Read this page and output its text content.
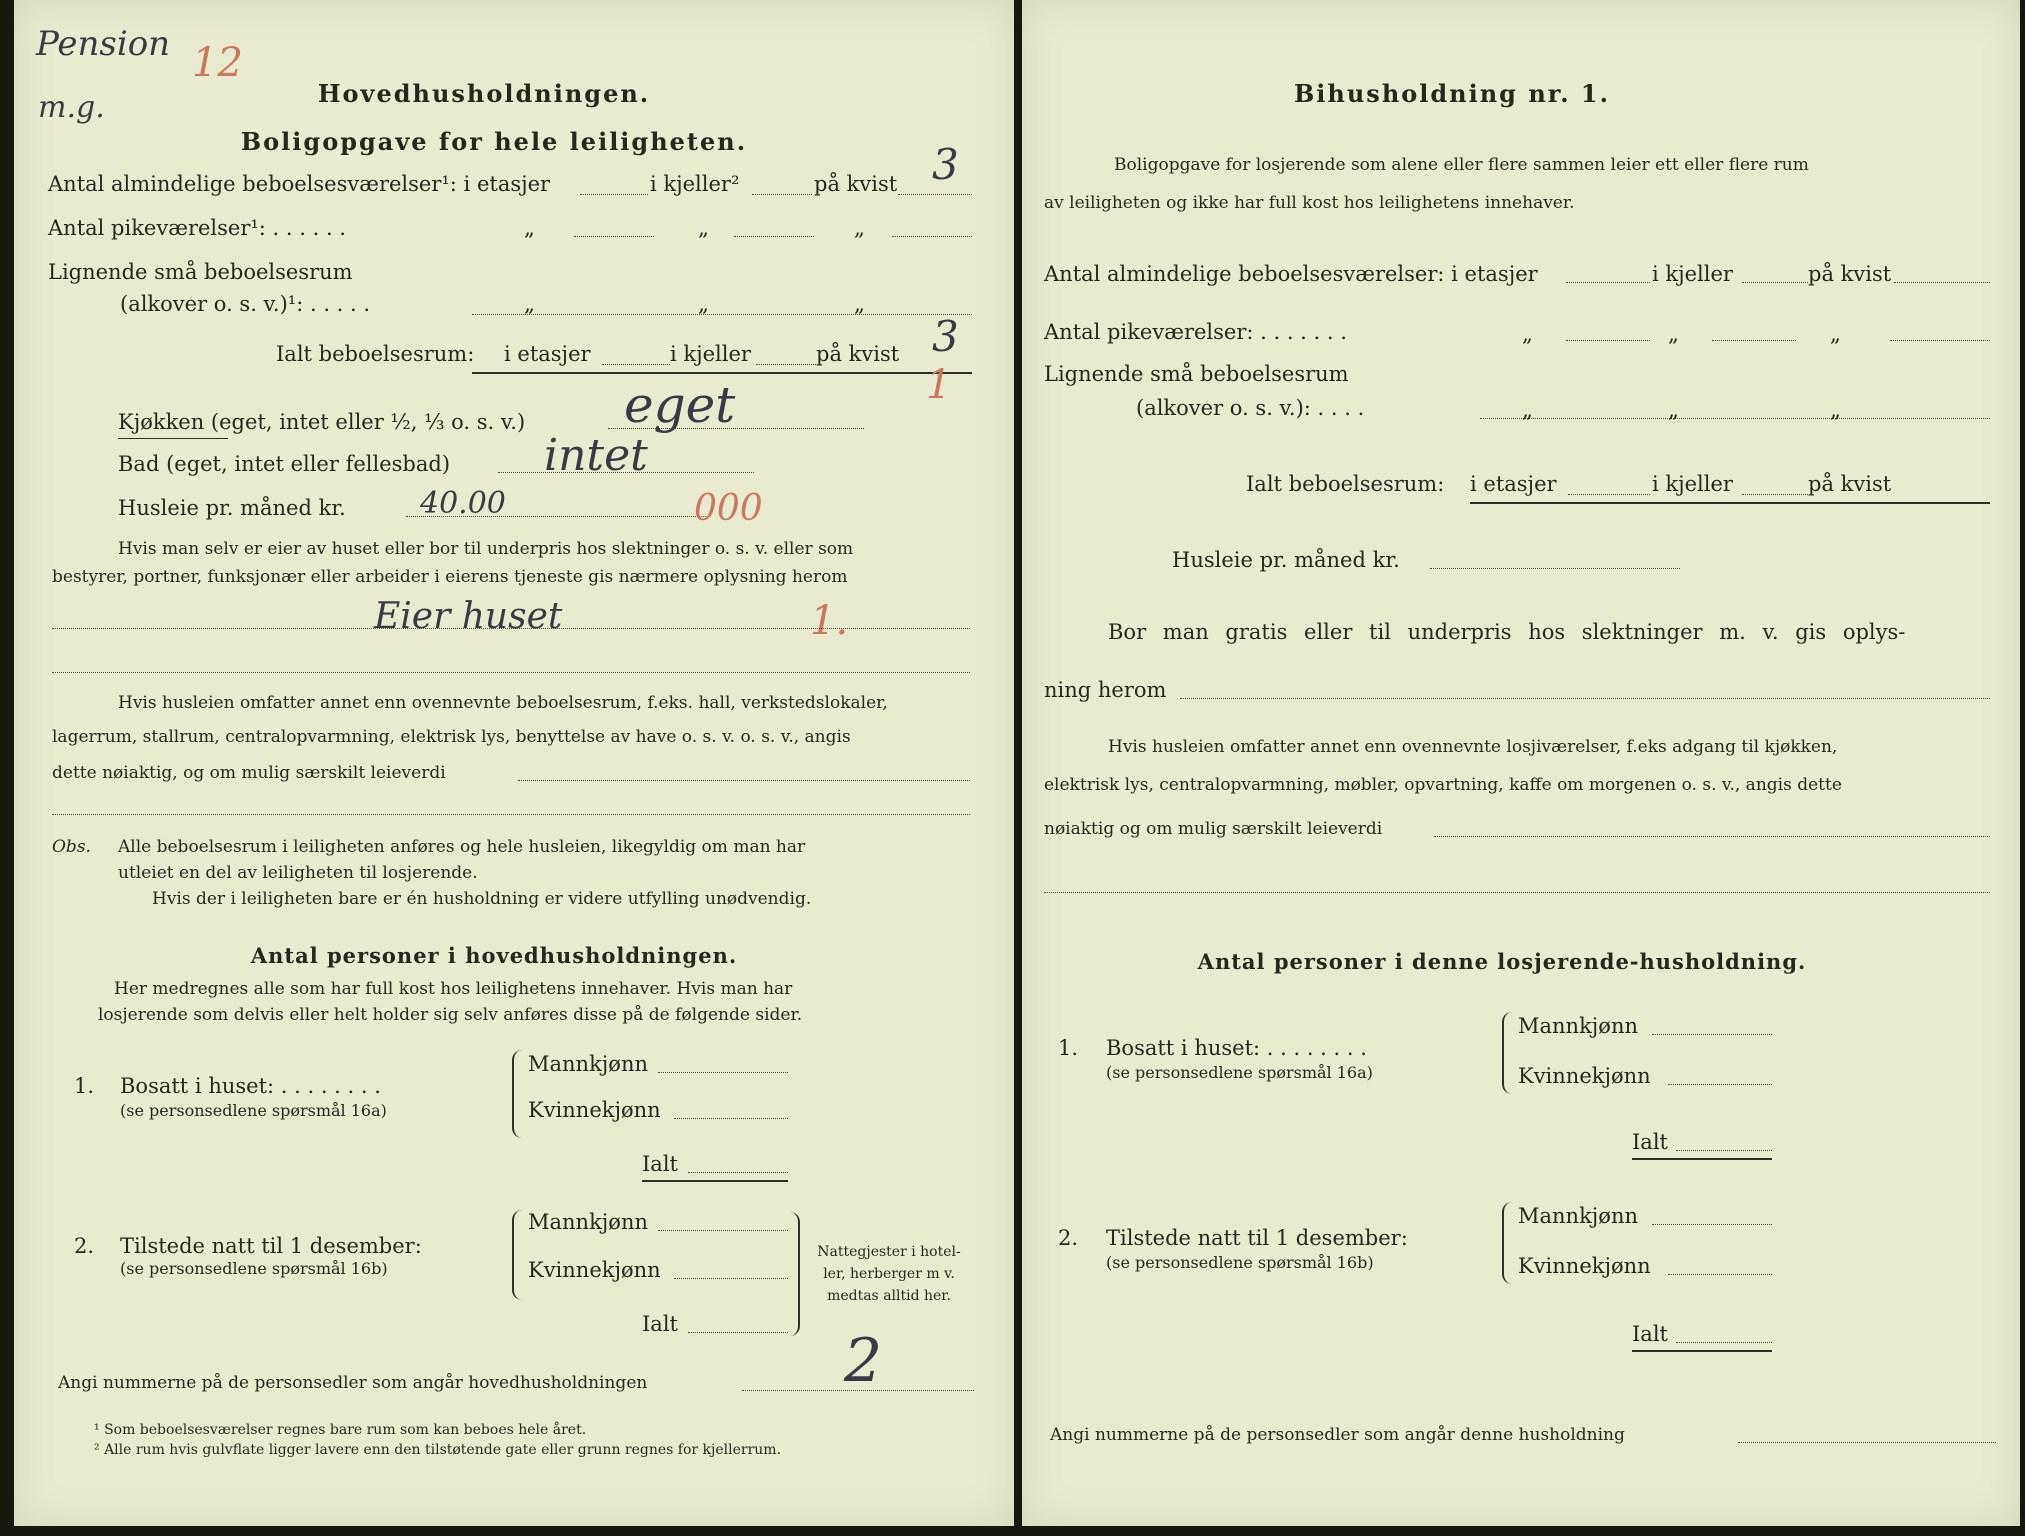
Pension 12
m.g.	Hovedhusholdningen.
Boligopgave for hele leiligheten.
Antal almindelige beboelsesværelser¹: i etasjer	i kjeller²	på kvist 3
Antal pikeværelser¹: . . . . . .	„	„	„
Lignende små beboelsesrum
(alkover o. s. v.)¹: . . . . .	„	„	„
Ialt beboelsesrum: i etasjer	i kjeller	på kvist 3
1
Kjøkken (eget, intet eller ½, ⅓ o. s. v.) eget
Bad (eget, intet eller fellesbad) intet
Husleie pr. måned kr. 40.00	000
Hvis man selv er eier av huset eller bor til underpris hos slektninger o. s. v. eller som
bestyrer, portner, funksjonær eller arbeider i eierens tjeneste gis nærmere oplysning herom
Eier huset	1.
Hvis husleien omfatter annet enn ovennevnte beboelsesrum, f.eks. hall, verkstedslokaler,
lagerrum, stallrum, centralopvarmning, elektrisk lys, benyttelse av have o. s. v. o. s. v., angis
dette nøiaktig, og om mulig særskilt leieverdi
Obs. Alle beboelsesrum i leiligheten anføres og hele husleien, likegyldig om man har
utleiet en del av leiligheten til losjerende.
Hvis der i leiligheten bare er én husholdning er videre utfylling unødvendig.
Antal personer i hovedhusholdningen.
Her medregnes alle som har full kost hos leilighetens innehaver. Hvis man har
losjerende som delvis eller helt holder sig selv anføres disse på de følgende sider.
1. Bosatt i huset: . . . . . . . .
(se personsedlene spørsmål 16a)
Mannkjønn
Kvinnekjønn
Ialt
2. Tilstede natt til 1 desember:
(se personsedlene spørsmål 16b)
Mannkjønn
Kvinnekjønn
Ialt
Nattegjester i hotel-
ler, herberger m v.
medtas alltid her.
Angi nummerne på de personsedler som angår hovedhusholdningen	2
¹ Som beboelsesværelser regnes bare rum som kan beboes hele året.
² Alle rum hvis gulvflate ligger lavere enn den tilstøtende gate eller grunn regnes for kjellerrum.
Bihusholdning nr. 1.
Boligopgave for losjerende som alene eller flere sammen leier ett eller flere rum
av leiligheten og ikke har full kost hos leilighetens innehaver.
Antal almindelige beboelsesværelser: i etasjer	i kjeller	på kvist
Antal pikeværelser: . . . . . . .	„	„	„
Lignende små beboelsesrum
(alkover o. s. v.): . . . .	„	„	„
Ialt beboelsesrum: i etasjer	i kjeller	på kvist
Husleie pr. måned kr.
Bor man gratis eller til underpris hos slektninger m. v. gis oplys-
ning herom
Hvis husleien omfatter annet enn ovennevnte losjiværelser, f.eks adgang til kjøkken,
elektrisk lys, centralopvarmning, møbler, opvartning, kaffe om morgenen o. s. v., angis dette
nøiaktig og om mulig særskilt leieverdi
Antal personer i denne losjerende-husholdning.
1. Bosatt i huset: . . . . . . . .
(se personsedlene spørsmål 16a)
Mannkjønn
Kvinnekjønn
Ialt
2. Tilstede natt til 1 desember:
(se personsedlene spørsmål 16b)
Mannkjønn
Kvinnekjønn
Ialt
Angi nummerne på de personsedler som angår denne husholdning
